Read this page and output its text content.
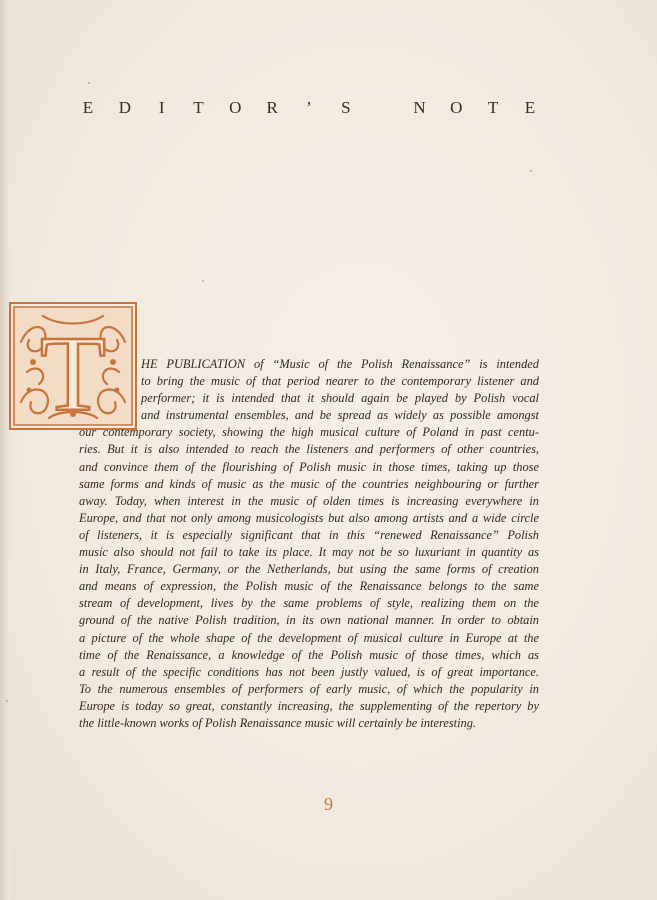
E D	I	T O R	’	S	N O T E
T	HE PUBLICATION of “Music of the Polish Renaissance” is intended
to bring the music of that period nearer to the contemporary listener and
performer; it is intended that it should again be played by Polish vocal
and instrumental ensembles, and be spread as widely as possible amongst
our contemporary society, showing the high musical culture of Poland in past centu-
ries. But it is also intended to reach the listeners and performers of other countries,
and convince them of the flourishing of Polish music in those times, taking up those
same forms and kinds of music as the music of the countries neighbouring or further
away. Today, when interest in the music of olden times is increasing everywhere in
Europe, and that not only among musicologists but also among artists and a wide circle
of listeners, it is especially significant that in this “renewed Renaissance” Polish
music also should not fail to take its place. It may not be so luxuriant in quantity as
in Italy, France, Germany, or the Netherlands, but using the same forms of creation
and means of expression, the Polish music of the Renaissance belongs to the same
stream of development, lives by the same problems of style, realizing them on the
ground of the native Polish tradition, in its own national manner. In order to obtain
a picture of the whole shape of the development of musical culture in Europe at the
time of the Renaissance, a knowledge of the Polish music of those times, which as
a result of the specific conditions has not been justly valued, is of great importance.
To the numerous ensembles of performers of early music, of which the popularity in
Europe is today so great, constantly increasing, the supplementing of the repertory by
the little-known works of Polish Renaissance music will certainly be interesting.
9
